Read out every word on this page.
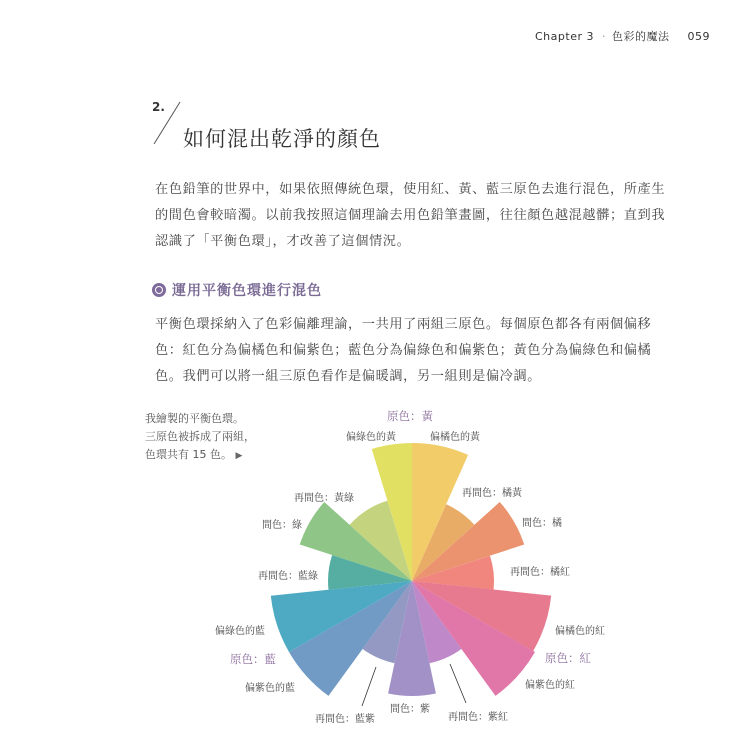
Chapter 3 · 色彩的魔法 059
2.
如何混出乾淨的顏色

在色鉛筆的世界中，如果依照傳統色環，使用紅、黃、藍三原色去進行混色，所產生的間色會較暗濁。以前我按照這個理論去用色鉛筆畫圖，往往顏色越混越髒；直到我認識了「平衡色環」，才改善了這個情況。

運用平衡色環進行混色

平衡色環採納入了色彩偏離理論，一共用了兩組三原色。每個原色都各有兩個偏移色：紅色分為偏橘色和偏紫色；藍色分為偏綠色和偏紫色；黃色分為偏綠色和偏橘色。我們可以將一組三原色看作是偏暖調，另一組則是偏冷調。

我繪製的平衡色環。
三原色被拆成了兩組，
色環共有 15 色。 ▶
原色：黃
偏綠色的黃	偏橘色的黃
再間色：黃綠	再間色：橘黃
間色：綠	間色：橘
再間色：藍綠	再間色：橘紅
偏綠色的藍	偏橘色的紅
原色：藍	原色：紅
偏紫色的藍	偏紫色的紅
間色：紫
再間色：藍紫	再間色：紫紅
